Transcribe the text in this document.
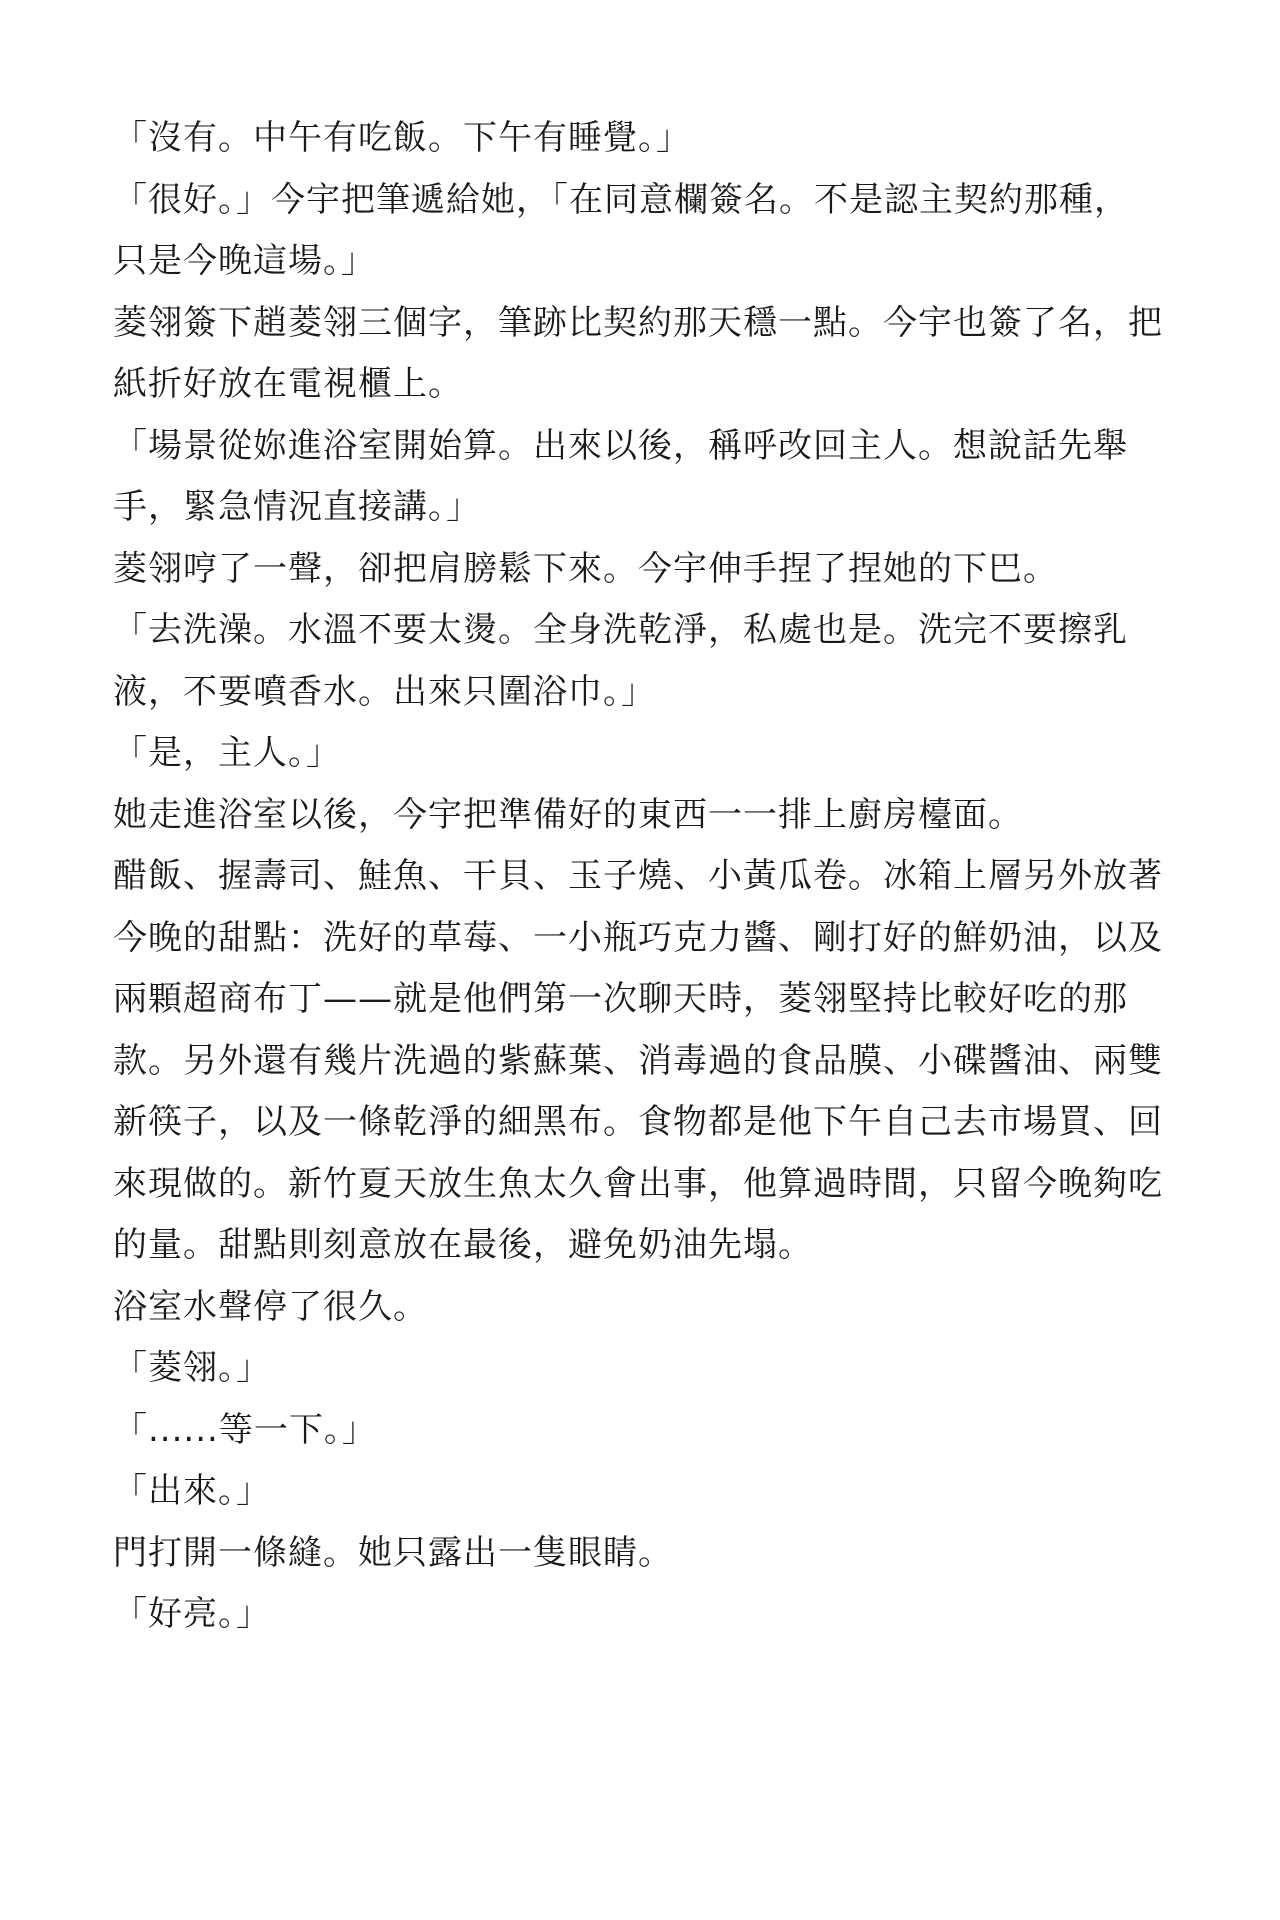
「沒有。中午有吃飯。下午有睡覺。」

「很好。」今宇把筆遞給她，「在同意欄簽名。不是認主契約那種，只是今晚這場。」

菱翎簽下趙菱翎三個字，筆跡比契約那天穩一點。今宇也簽了名，把紙折好放在電視櫃上。

「場景從妳進浴室開始算。出來以後，稱呼改回主人。想說話先舉手，緊急情況直接講。」

菱翎哼了一聲，卻把肩膀鬆下來。今宇伸手捏了捏她的下巴。

「去洗澡。水溫不要太燙。全身洗乾淨，私處也是。洗完不要擦乳液，不要噴香水。出來只圍浴巾。」

「是，主人。」

她走進浴室以後，今宇把準備好的東西一一排上廚房檯面。

醋飯、握壽司、鮭魚、干貝、玉子燒、小黃瓜卷。冰箱上層另外放著今晚的甜點：洗好的草莓、一小瓶巧克力醬、剛打好的鮮奶油，以及兩顆超商布丁——就是他們第一次聊天時，菱翎堅持比較好吃的那款。另外還有幾片洗過的紫蘇葉、消毒過的食品膜、小碟醬油、兩雙新筷子，以及一條乾淨的細黑布。食物都是他下午自己去市場買、回來現做的。新竹夏天放生魚太久會出事，他算過時間，只留今晚夠吃的量。甜點則刻意放在最後，避免奶油先塌。

浴室水聲停了很久。

「菱翎。」

「......等一下。」

「出來。」

門打開一條縫。她只露出一隻眼睛。

「好亮。」
